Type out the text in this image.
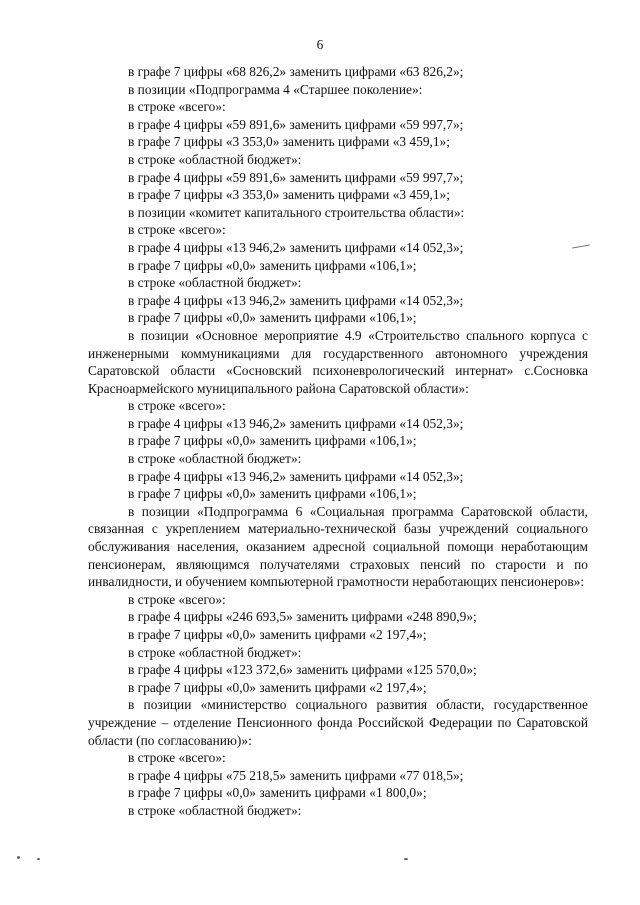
6
в графе 7 цифры «68 826,2» заменить цифрами «63 826,2»;
в позиции «Подпрограмма 4 «Старшее поколение»:
в строке «всего»:
в графе 4 цифры «59 891,6» заменить цифрами «59 997,7»;
в графе 7 цифры «3 353,0» заменить цифрами «3 459,1»;
в строке «областной бюджет»:
в графе 4 цифры «59 891,6» заменить цифрами «59 997,7»;
в графе 7 цифры «3 353,0» заменить цифрами «3 459,1»;
в позиции «комитет капитального строительства области»:
в строке «всего»:
в графе 4 цифры «13 946,2» заменить цифрами «14 052,3»;
в графе 7 цифры «0,0» заменить цифрами «106,1»;
в строке «областной бюджет»:
в графе 4 цифры «13 946,2» заменить цифрами «14 052,3»;
в графе 7 цифры «0,0» заменить цифрами «106,1»;
в позиции «Основное мероприятие 4.9 «Строительство спального корпуса с инженерными коммуникациями для государственного автономного учреждения Саратовской области «Сосновский психоневрологический интернат» с.Сосновка Красноармейского муниципального района Саратовской области»:
в строке «всего»:
в графе 4 цифры «13 946,2» заменить цифрами «14 052,3»;
в графе 7 цифры «0,0» заменить цифрами «106,1»;
в строке «областной бюджет»:
в графе 4 цифры «13 946,2» заменить цифрами «14 052,3»;
в графе 7 цифры «0,0» заменить цифрами «106,1»;
в позиции «Подпрограмма 6 «Социальная программа Саратовской области, связанная с укреплением материально-технической базы учреждений социального обслуживания населения, оказанием адресной социальной помощи неработающим пенсионерам, являющимся получателями страховых пенсий по старости и по инвалидности, и обучением компьютерной грамотности неработающих пенсионеров»:
в строке «всего»:
в графе 4 цифры «246 693,5» заменить цифрами «248 890,9»;
в графе 7 цифры «0,0» заменить цифрами «2 197,4»;
в строке «областной бюджет»:
в графе 4 цифры «123 372,6» заменить цифрами «125 570,0»;
в графе 7 цифры «0,0» заменить цифрами «2 197,4»;
в позиции «министерство социального развития области, государственное учреждение – отделение Пенсионного фонда Российской Федерации по Саратовской области (по согласованию)»:
в строке «всего»:
в графе 4 цифры «75 218,5» заменить цифрами «77 018,5»;
в графе 7 цифры «0,0» заменить цифрами «1 800,0»;
в строке «областной бюджет»:
